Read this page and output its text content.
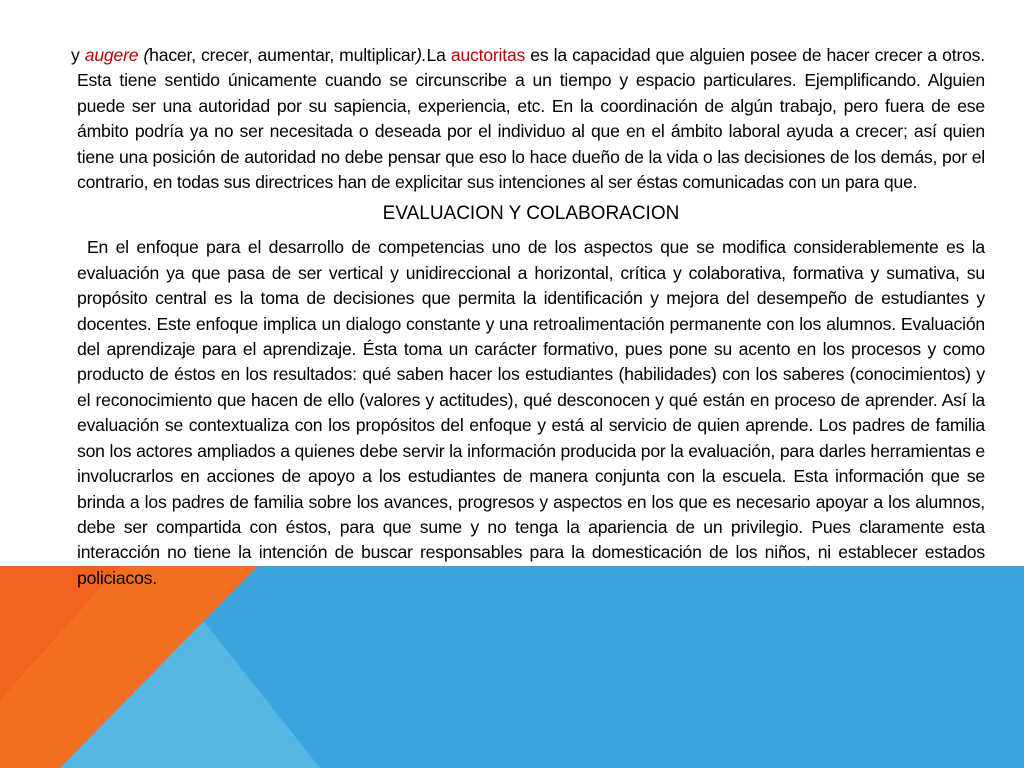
y augere (hacer, crecer, aumentar, multiplicar).La auctoritas es la capacidad que alguien posee de hacer crecer a otros. Esta tiene sentido únicamente cuando se circunscribe a un tiempo y espacio particulares. Ejemplificando. Alguien puede ser una autoridad por su sapiencia, experiencia, etc. En la coordinación de algún trabajo, pero fuera de ese ámbito podría ya no ser necesitada o deseada por el individuo al que en el ámbito laboral ayuda a crecer; así quien tiene una posición de autoridad no debe pensar que eso lo hace dueño de la vida o las decisiones de los demás, por el contrario, en todas sus directrices han de explicitar sus intenciones al ser éstas comunicadas con un para que.

EVALUACION Y COLABORACION

En el enfoque para el desarrollo de competencias uno de los aspectos que se modifica considerablemente es la evaluación ya que pasa de ser vertical y unidireccional a horizontal, crítica y colaborativa, formativa y sumativa, su propósito central es la toma de decisiones que permita la identificación y mejora del desempeño de estudiantes y docentes. Este enfoque implica un dialogo constante y una retroalimentación permanente con los alumnos. Evaluación del aprendizaje para el aprendizaje. Ésta toma un carácter formativo, pues pone su acento en los procesos y como producto de éstos en los resultados: qué saben hacer los estudiantes (habilidades) con los saberes (conocimientos) y el reconocimiento que hacen de ello (valores y actitudes), qué desconocen y qué están en proceso de aprender. Así la evaluación se contextualiza con los propósitos del enfoque y está al servicio de quien aprende. Los padres de familia son los actores ampliados a quienes debe servir la información producida por la evaluación, para darles herramientas e involucrarlos en acciones de apoyo a los estudiantes de manera conjunta con la escuela. Esta información que se brinda a los padres de familia sobre los avances, progresos y aspectos en los que es necesario apoyar a los alumnos, debe ser compartida con éstos, para que sume y no tenga la apariencia de un privilegio. Pues claramente esta interacción no tiene la intención de buscar responsables para la domesticación de los niños, ni establecer estados policiacos.
